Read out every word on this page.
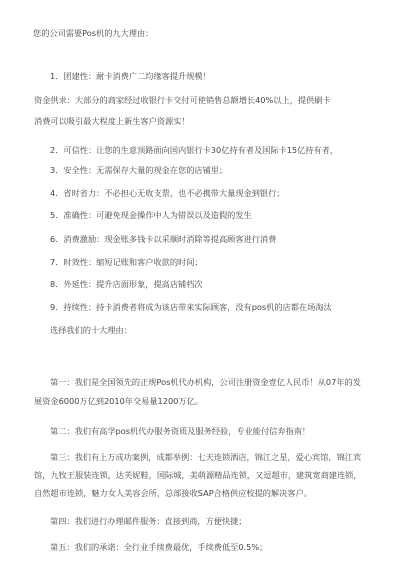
您的公司需要Pos机的九大理由：
1．团建性：耐卡消费广二均缘客提升规模！
资金供求：大部分的商家经过收银行卡交付可使销售总额增长40%以上，提供刷卡
消费可以吸引最大程度上新生客户资源实！
2．可信性：让您的生意顶路面向国内银行卡30亿持有者及国际卡15亿持有者，
3．安全性：无需保存大量的现金在您的店铺里；
4．省时省力：不必担心无收支票，也不必携带大量现金到银行；
5．准确性：可避免现金操作中人为错误以及造假的发生
6．消费激励：现金账多钱卡以采顺时消除等提高顾客进行消费
7．时效性：缩短记账和客户收款的时间；
8．外延性：提升店面形象，提高店铺档次
9．持续性：持卡消费者将成为该店带来实际顾客，没有pos机的店都在场淘汰
选择我们的十大理由：
第一：我们是全国领先的正规Pos机代办机构，公司注册资金壹亿人民币！从07年的发
展资金6000万亿到2010年交易量1200万亿。
第二：我们有高学pos机代办服务资质及服务经验，专业能付信弃指南！
第三：我们有上万成功案例，成都举例：七天连锁酒店，锦江之星，爱心宾馆，锦江宾
馆，九牧王服装连锁，达芙妮鞋，国际城，美萌源精品连锁，又逗超市，建筑宽商建连锁，
自然超市连锁，魅力女人美容会所，总部接收SAP合格供应校提的解决客户。
第四：我们进行办理邮件服务：直接到商，方便快捷；
第五：我们的承诺：全行业手续费最优，手续费低至0.5%；
